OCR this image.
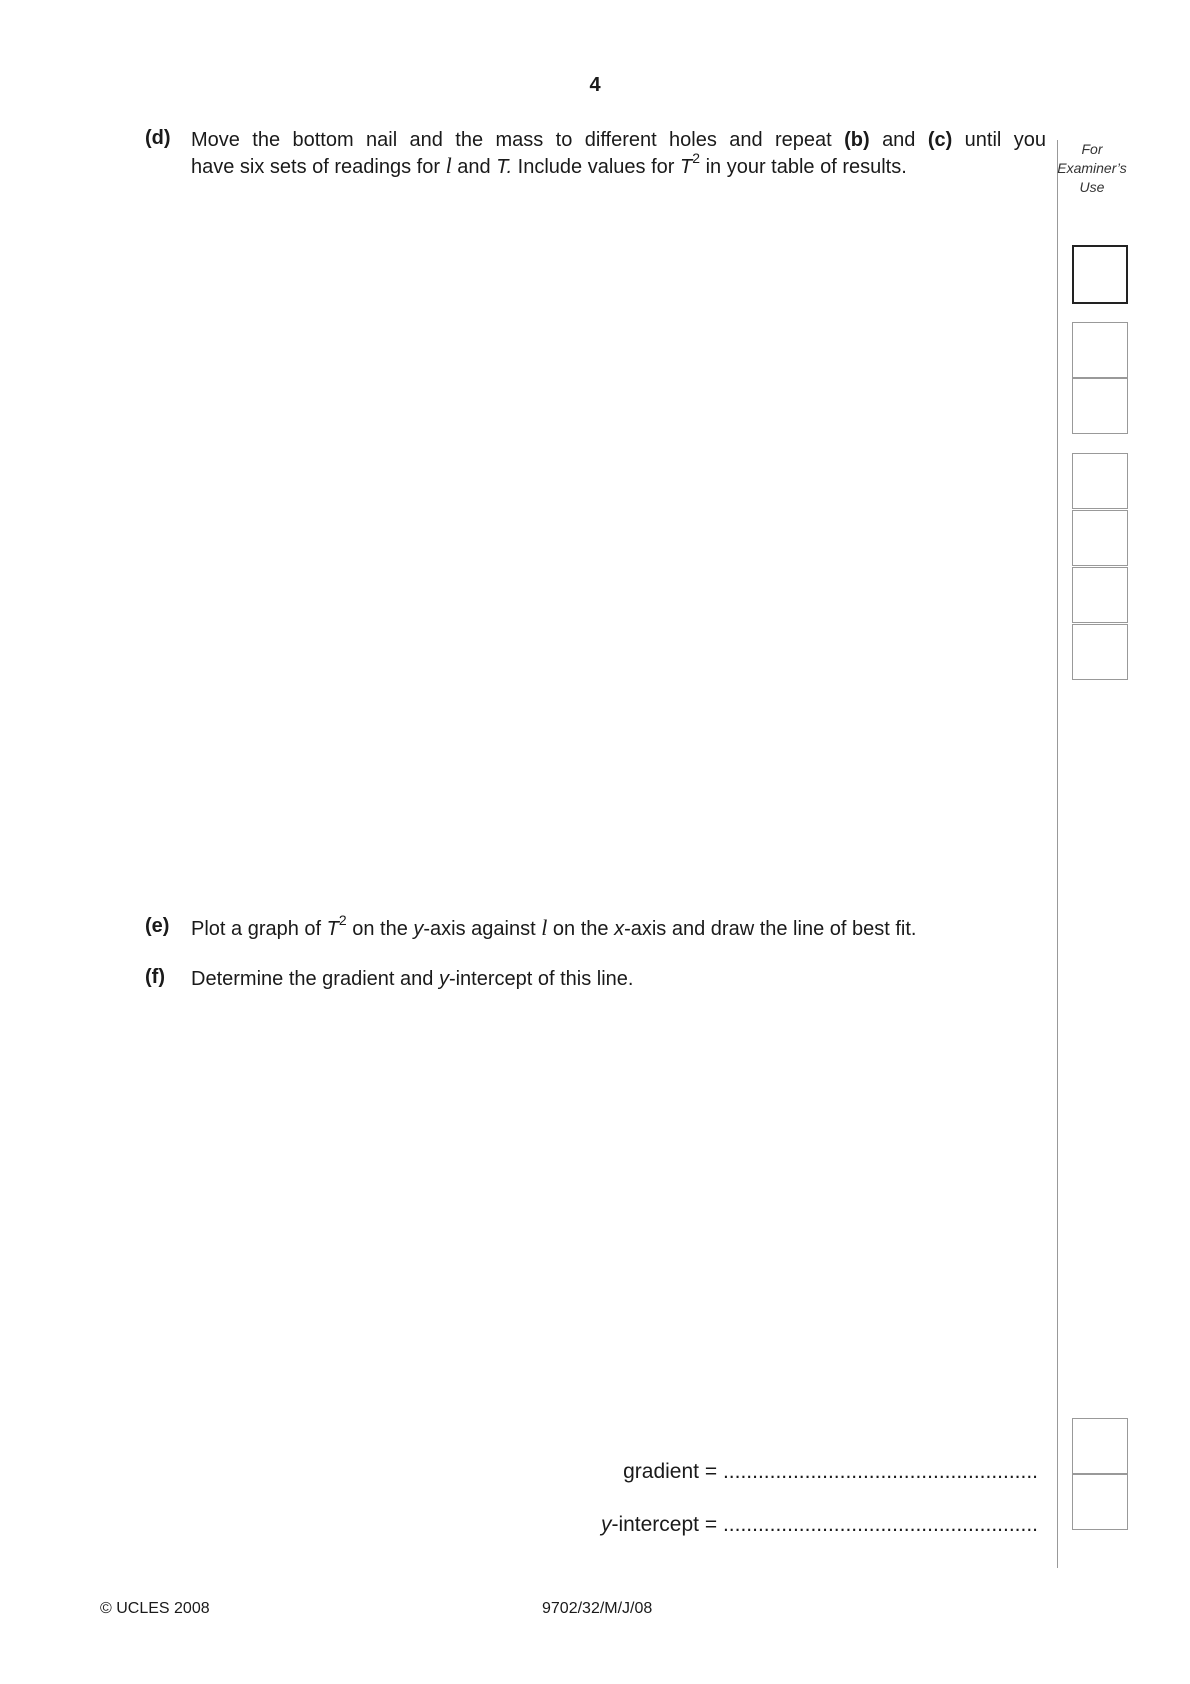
4
(d) Move the bottom nail and the mass to different holes and repeat (b) and (c) until you
have six sets of readings for l and T. Include values for $T^2$ in your table of results.
(e) Plot a graph of $T^2$ on the y-axis against l on the x-axis and draw the line of best fit.
(f) Determine the gradient and y-intercept of this line.
gradient = ......................................................
y-intercept = ......................................................
For
Examiner’s
Use
© UCLES 2008	9702/32/M/J/08
